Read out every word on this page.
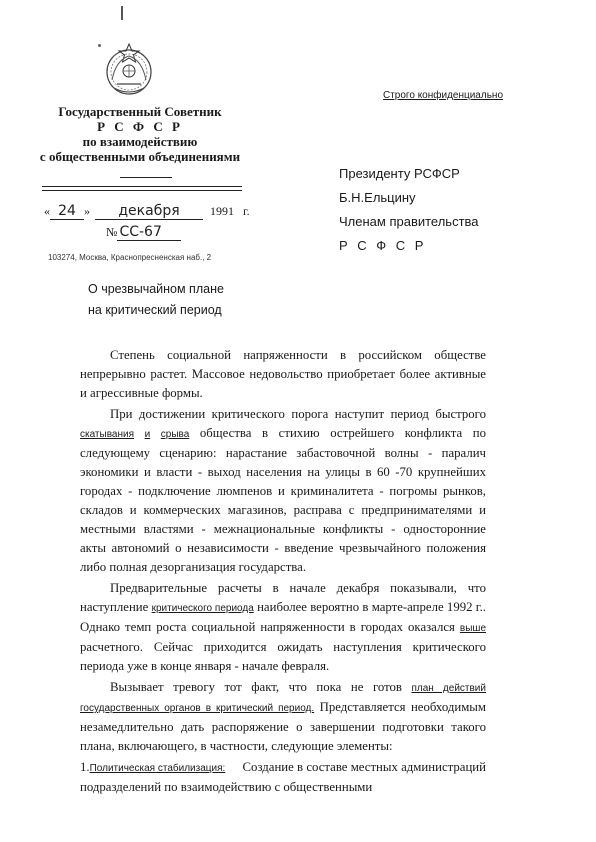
Государственный Советник
Р С Ф С Р
по взаимодействию
с общественными объединениями
« 24 » декабря	1991 г.
№ СС-67
103274, Москва, Краснопресненская наб., 2
Строго конфиденциально
Президенту РСФСР
Б.Н.Ельцину
Членам правительства
Р С Ф С Р
О чрезвычайном плане
на критический период

Степень социальной напряженности в российском обществе непрерывно растет. Массовое недовольство приобретает более активные и агрессивные формы.

При достижении критического порога наступит период быстрого скатывания и срыва общества в стихию острейшего конфликта по следующему сценарию: нарастание забастовочной волны - паралич экономики и власти - выход населения на улицы в 60 -70 крупнейших городах - подключение люмпенов и криминалитета - погромы рынков, складов и коммерческих магазинов, расправа с предпринимателями и местными властями - межнациональные конфликты - односторонние акты автономий о независимости - введение чрезвычайного положения либо полная дезорганизация государства.

Предварительные расчеты в начале декабря показывали, что наступление критического периода наиболее вероятно в марте-апреле 1992 г.. Однако темп роста социальной напряженности в городах оказался выше расчетного. Сейчас приходится ожидать наступления критического периода уже в конце января - начале февраля.

Вызывает тревогу тот факт, что пока не готов план действий государственных органов в критический период. Представляется необходимым незамедлительно дать распоряжение о завершении подготовки такого плана, включающего, в частности, следующие элементы:

1.Политическая стабилизация: Создание в составе местных администраций подразделений по взаимодействию с общественными
